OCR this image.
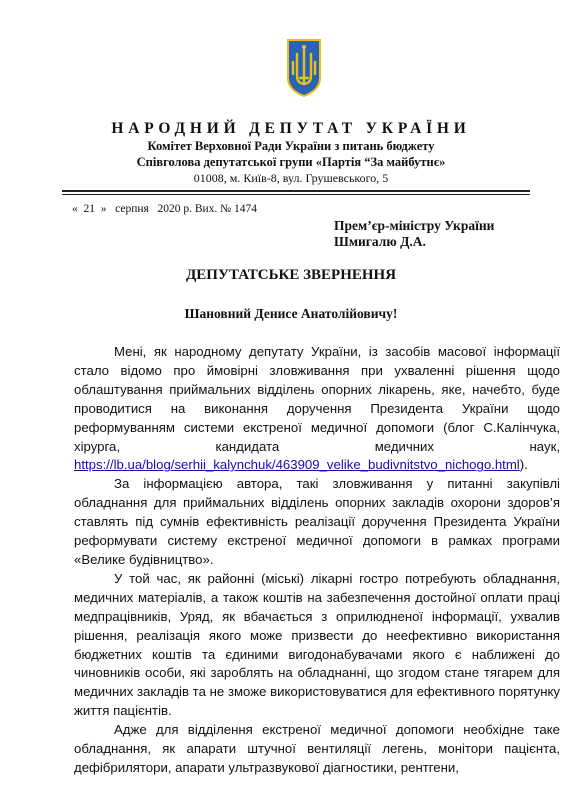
НАРОДНИЙ ДЕПУТАТ УКРАЇНИ
Комітет Верховної Ради України з питань бюджету
Співголова депутатської групи «Партія “За майбутнє»
01008, м. Київ-8, вул. Грушевського, 5
«  21  »   серпня   2020 р. Вих. № 1474
Прем’єр-міністру України
Шмигалю Д.А.
ДЕПУТАТСЬКЕ ЗВЕРНЕННЯ
Шановний Денисе Анатолійовичу!

Мені, як народному депутату України, із засобів масової інформації стало відомо про ймовірні зловживання при ухваленні рішення щодо облаштування приймальних відділень опорних лікарень, яке, начебто, буде проводитися на виконання доручення Президента України щодо реформуванням системи екстреної медичної допомоги (блог С.Калінчука, хірурга, кандидата медичних наук, https://lb.ua/blog/serhii_kalynchuk/463909_velike_budivnitstvo_nichogo.html).

За інформацією автора, такі зловживання у питанні закупівлі обладнання для приймальних відділень опорних закладів охорони здоров’я ставлять під сумнів ефективність реалізації доручення Президента України реформувати систему екстреної медичної допомоги в рамках програми «Велике будівництво».

У той час, як районні (міські) лікарні гостро потребують обладнання, медичних матеріалів, а також коштів на забезпечення достойної оплати праці медпрацівників, Уряд, як вбачається з оприлюдненої інформації, ухвалив рішення, реалізація якого може призвести до неефективно використання бюджетних коштів та єдиними вигодонабувачами якого є наближені до чиновників особи, які зароблять на обладнанні, що згодом стане тягарем для медичних закладів та не зможе використовуватися для ефективного порятунку життя пацієнтів.

Адже для відділення екстреної медичної допомоги необхідне таке обладнання, як апарати штучної вентиляції легень, монітори пацієнта, дефібрилятори, апарати ультразвукової діагностики, рентгени,
